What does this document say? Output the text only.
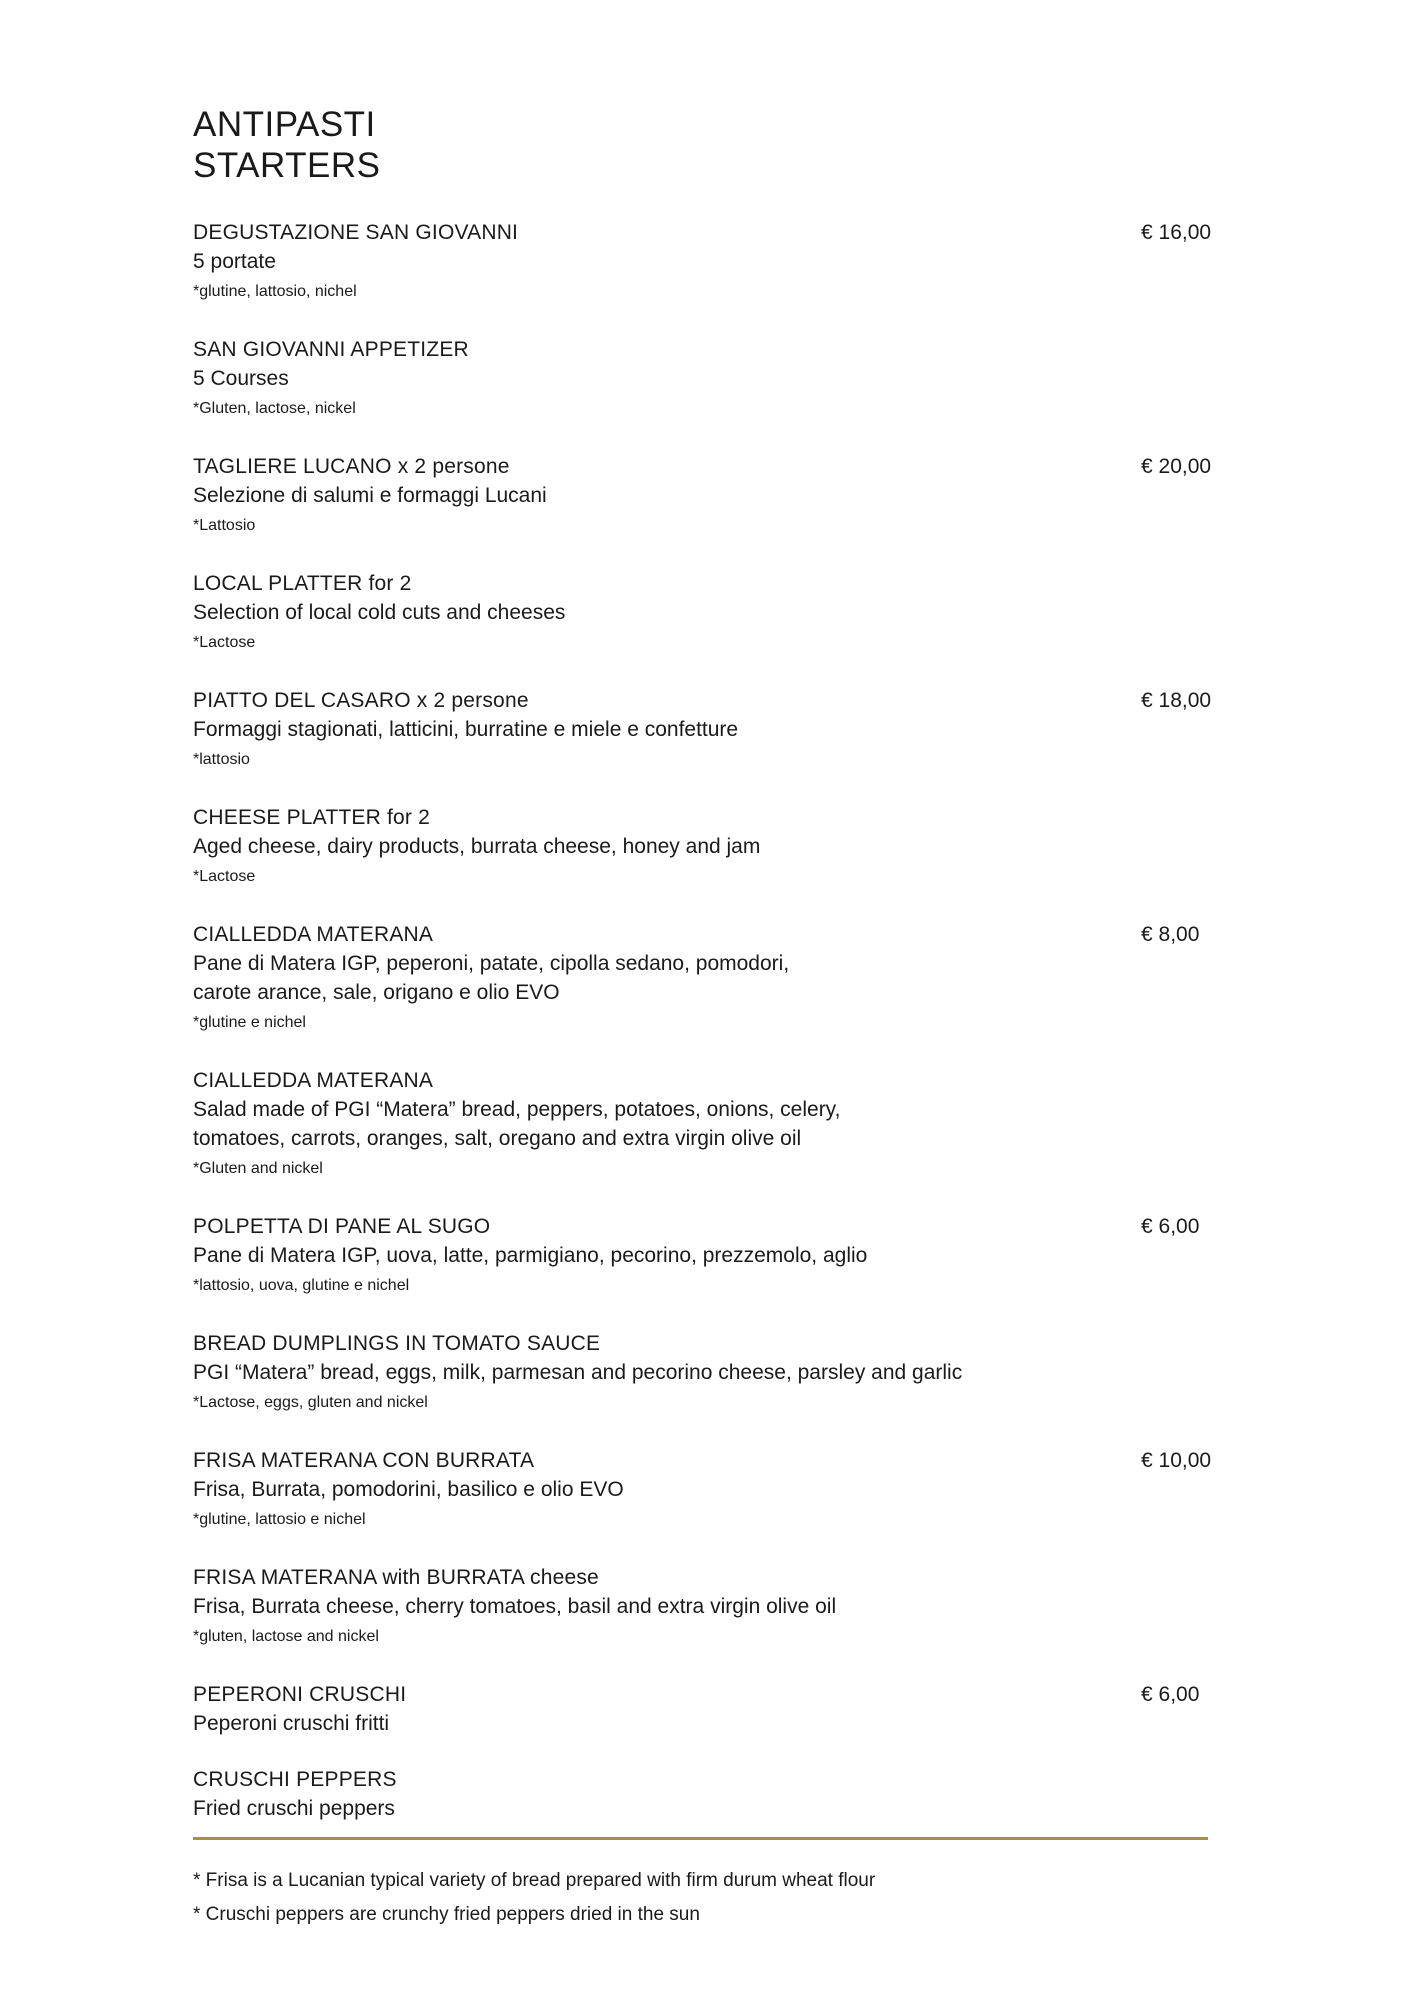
ANTIPASTI
STARTERS
DEGUSTAZIONE SAN GIOVANNI
5 portate
*glutine, lattosio, nichel
€ 16,00
SAN GIOVANNI APPETIZER
5 Courses
*Gluten, lactose, nickel
TAGLIERE LUCANO x 2 persone
Selezione di salumi e formaggi Lucani
*Lattosio
€ 20,00
LOCAL PLATTER for 2
Selection of local cold cuts and cheeses
*Lactose
PIATTO DEL CASARO x 2 persone
Formaggi stagionati, latticini, burratine e miele e confetture
*lattosio
€ 18,00
CHEESE PLATTER for 2
Aged cheese, dairy products, burrata cheese, honey and jam
*Lactose
CIALLEDDA MATERANA
Pane di Matera IGP, peperoni, patate, cipolla sedano, pomodori,
carote arance, sale, origano e olio EVO
*glutine e nichel
€ 8,00
CIALLEDDA MATERANA
Salad made of PGI “Matera” bread, peppers, potatoes, onions, celery,
tomatoes, carrots, oranges, salt, oregano and extra virgin olive oil
*Gluten and nickel
POLPETTA DI PANE AL SUGO
Pane di Matera IGP, uova, latte, parmigiano, pecorino, prezzemolo, aglio
*lattosio, uova, glutine e nichel
€ 6,00
BREAD DUMPLINGS IN TOMATO SAUCE
PGI “Matera” bread, eggs, milk, parmesan and pecorino cheese, parsley and garlic
*Lactose, eggs, gluten and nickel
FRISA MATERANA CON BURRATA
Frisa, Burrata, pomodorini, basilico e olio EVO
*glutine, lattosio e nichel
€ 10,00
FRISA MATERANA with BURRATA cheese
Frisa, Burrata cheese, cherry tomatoes, basil and extra virgin olive oil
*gluten, lactose and nickel
PEPERONI CRUSCHI
Peperoni cruschi fritti
€ 6,00
CRUSCHI PEPPERS
Fried cruschi peppers
* Frisa is a Lucanian typical variety of bread prepared with firm durum wheat flour
* Cruschi peppers are crunchy fried peppers dried in the sun
